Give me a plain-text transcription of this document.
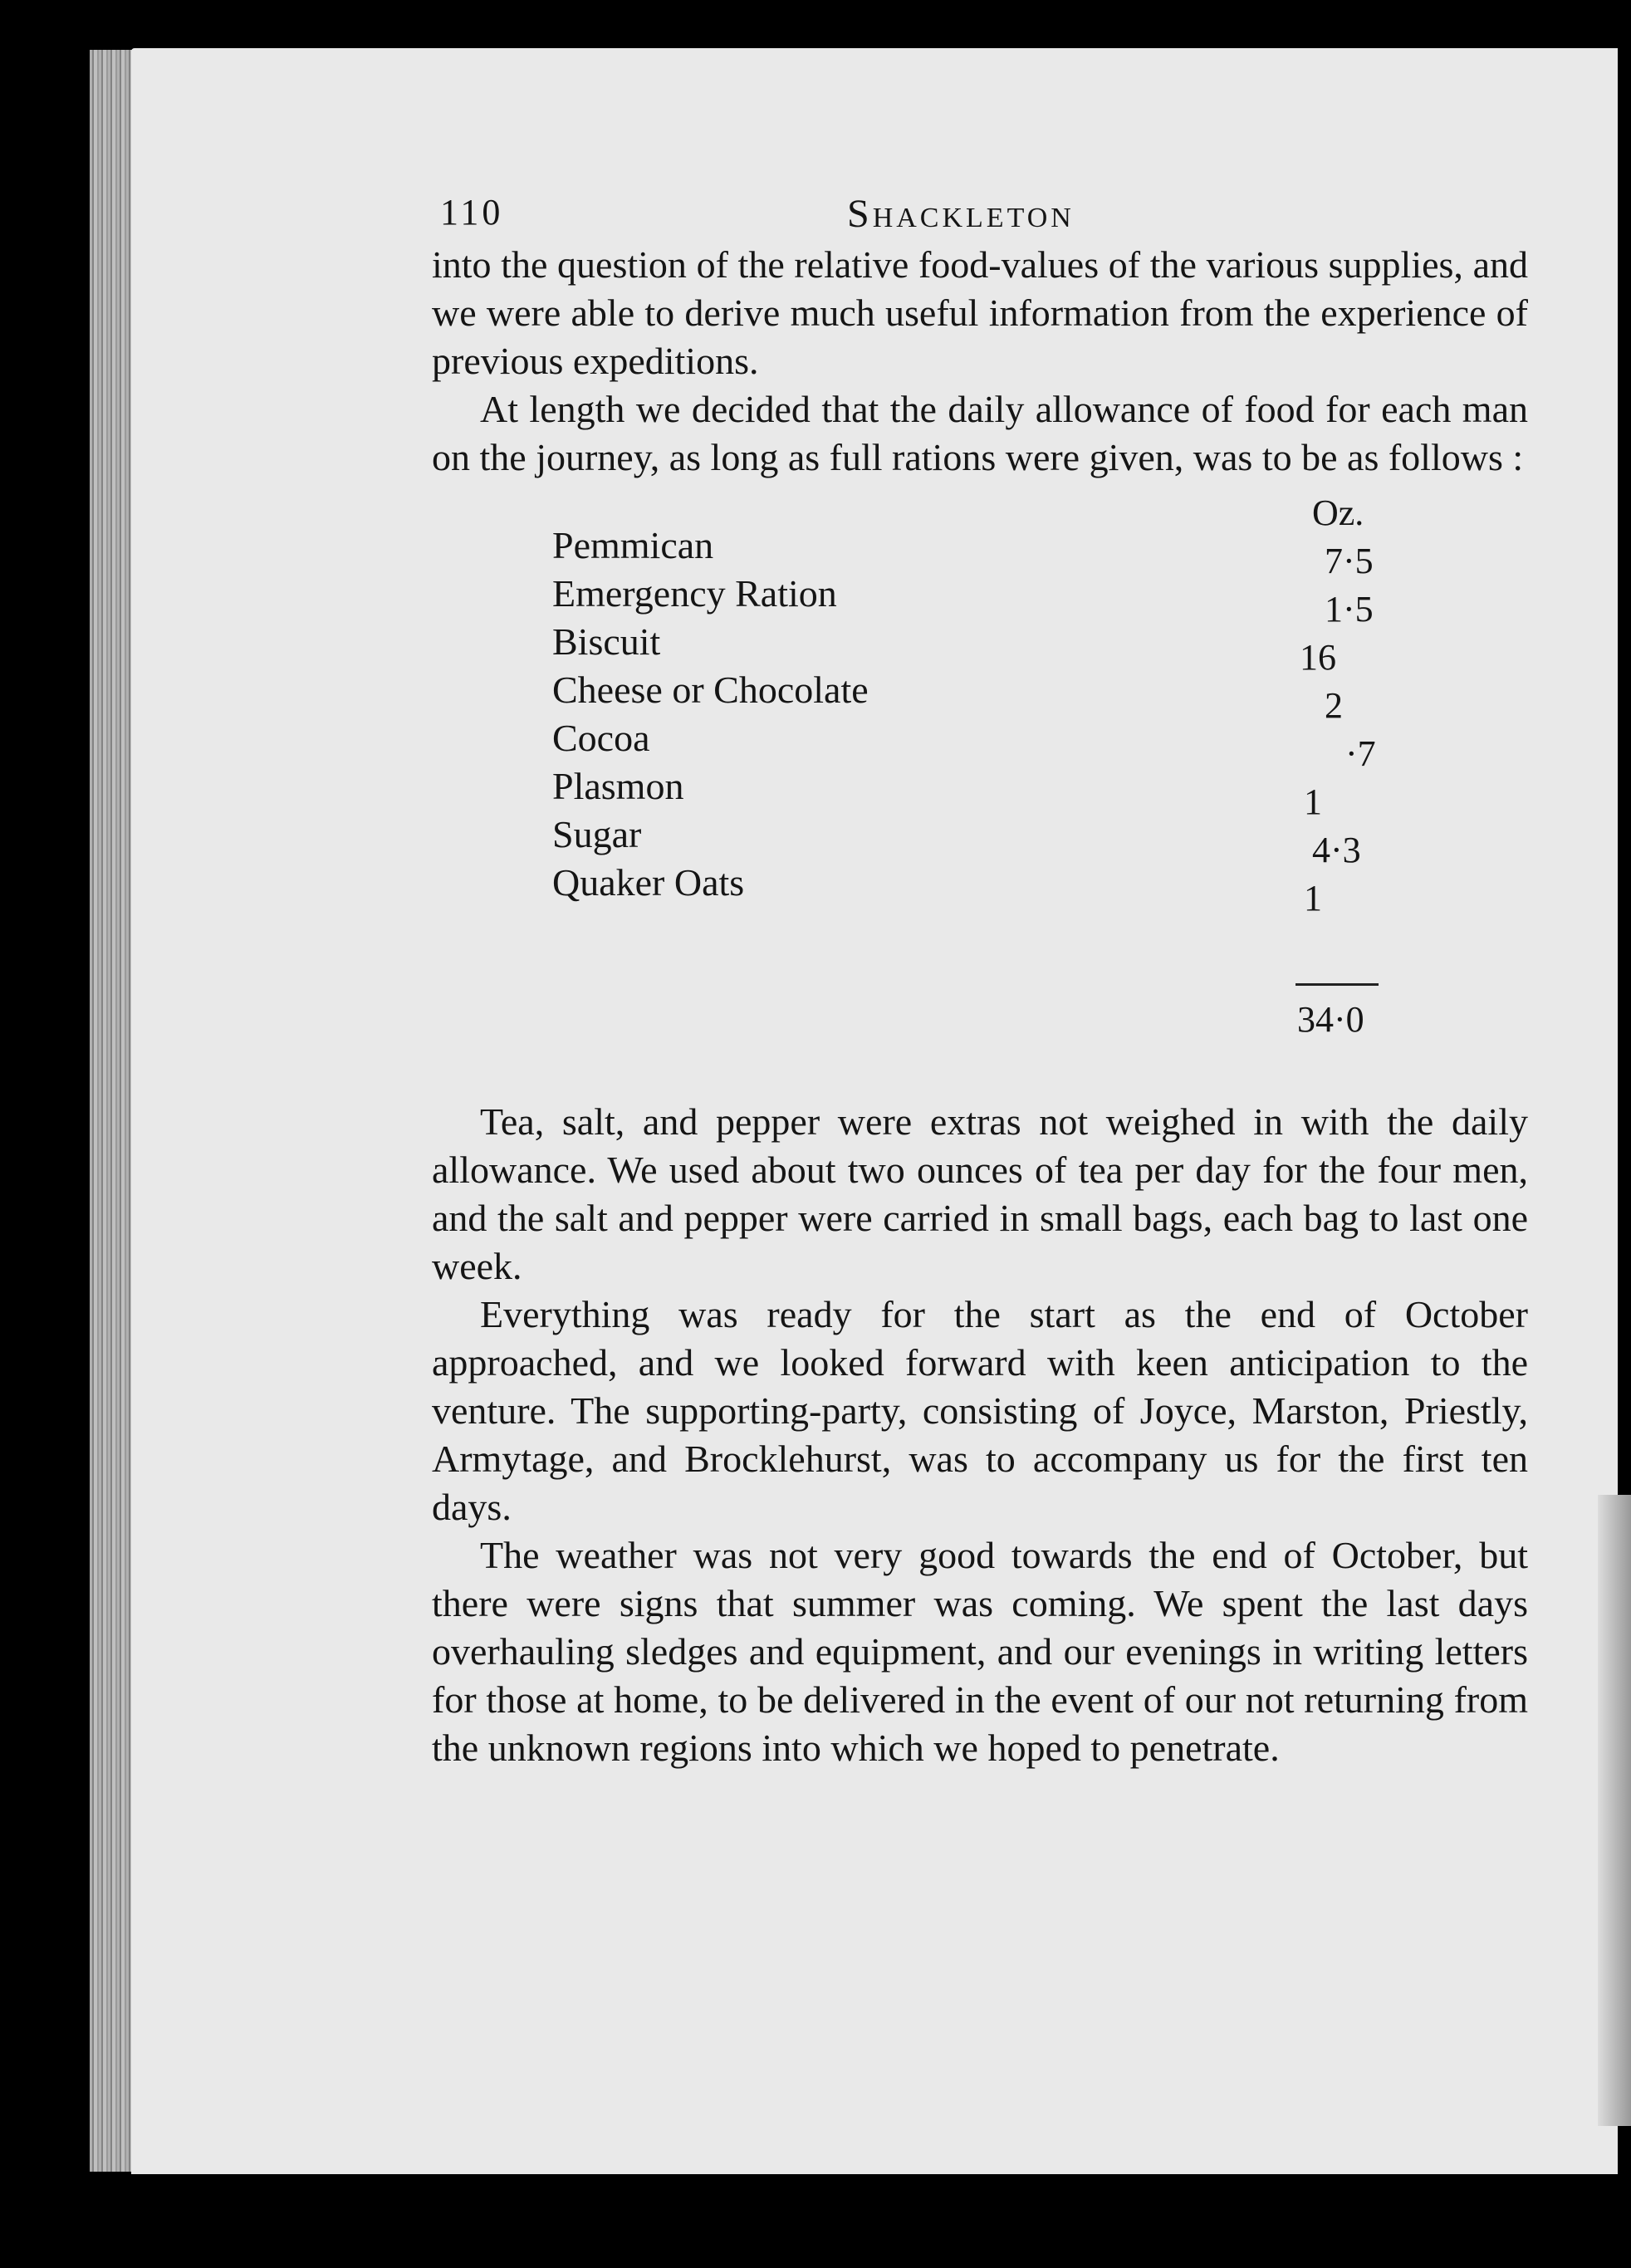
110	Shackleton

into the question of the relative food-values of the various supplies, and we were able to derive much useful information from the experience of previous expeditions.

At length we decided that the daily allowance of food for each man on the journey, as long as full rations were given, was to be as follows :

Oz.
Pemmican
Emergency Ration
Biscuit
Cheese or Chocolate
Cocoa
Plasmon
Sugar
Quaker Oats
7·5
1·5
16
2
·7
1
4·3
1
34·0

Tea, salt, and pepper were extras not weighed in with the daily allowance. We used about two ounces of tea per day for the four men, and the salt and pepper were carried in small bags, each bag to last one week.

Everything was ready for the start as the end of October approached, and we looked forward with keen anticipation to the venture. The supporting-party, consisting of Joyce, Marston, Priestly, Armytage, and Brocklehurst, was to accompany us for the first ten days.

The weather was not very good towards the end of October, but there were signs that summer was coming. We spent the last days overhauling sledges and equipment, and our evenings in writing letters for those at home, to be delivered in the event of our not returning from the unknown regions into which we hoped to penetrate.
